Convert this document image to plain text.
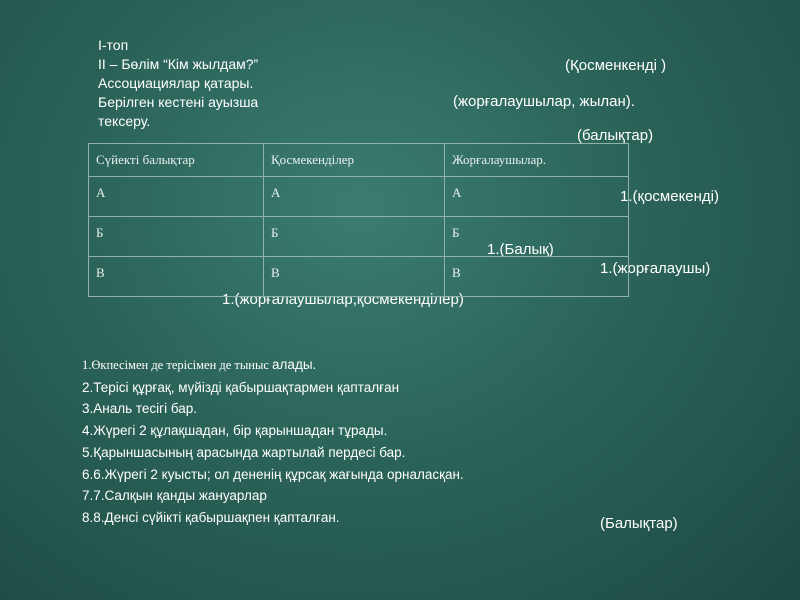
І-топ
ІІ – Бөлім “Кім жылдам?”
Ассоциациялар қатары.
Берілген кестені ауызша
тексеру.
(Қосменкенді )
(жорғалаушылар, жылан).
(балықтар)
1.(қосмекенді)
1.(Балық)
1.(жорғалаушы)
1.(жорғалаушылар,қосмекенділер)
(Балықтар)
Сүйекті балықтар	Қосмекенділер	Жорғалаушылар.
А	А	А
Б	Б	Б
В	В	В
1.Өкпесімен де терісімен де тыныс алады.
2.Терісі құрғақ, мүйізді қабыршақтармен қапталған
3.Аналь тесігі бар.
4.Жүрегі 2 құлақшадан, бір қарыншадан тұрады.
5.Қарыншасының арасында жартылай пердесі бар.
6.6.Жүрегі 2 куысты; ол дененің құрсақ жағында орналасқан.
7.7.Салқын қанды жануарлар
8.8.Денсі сүйікті қабыршақпен қапталған.
